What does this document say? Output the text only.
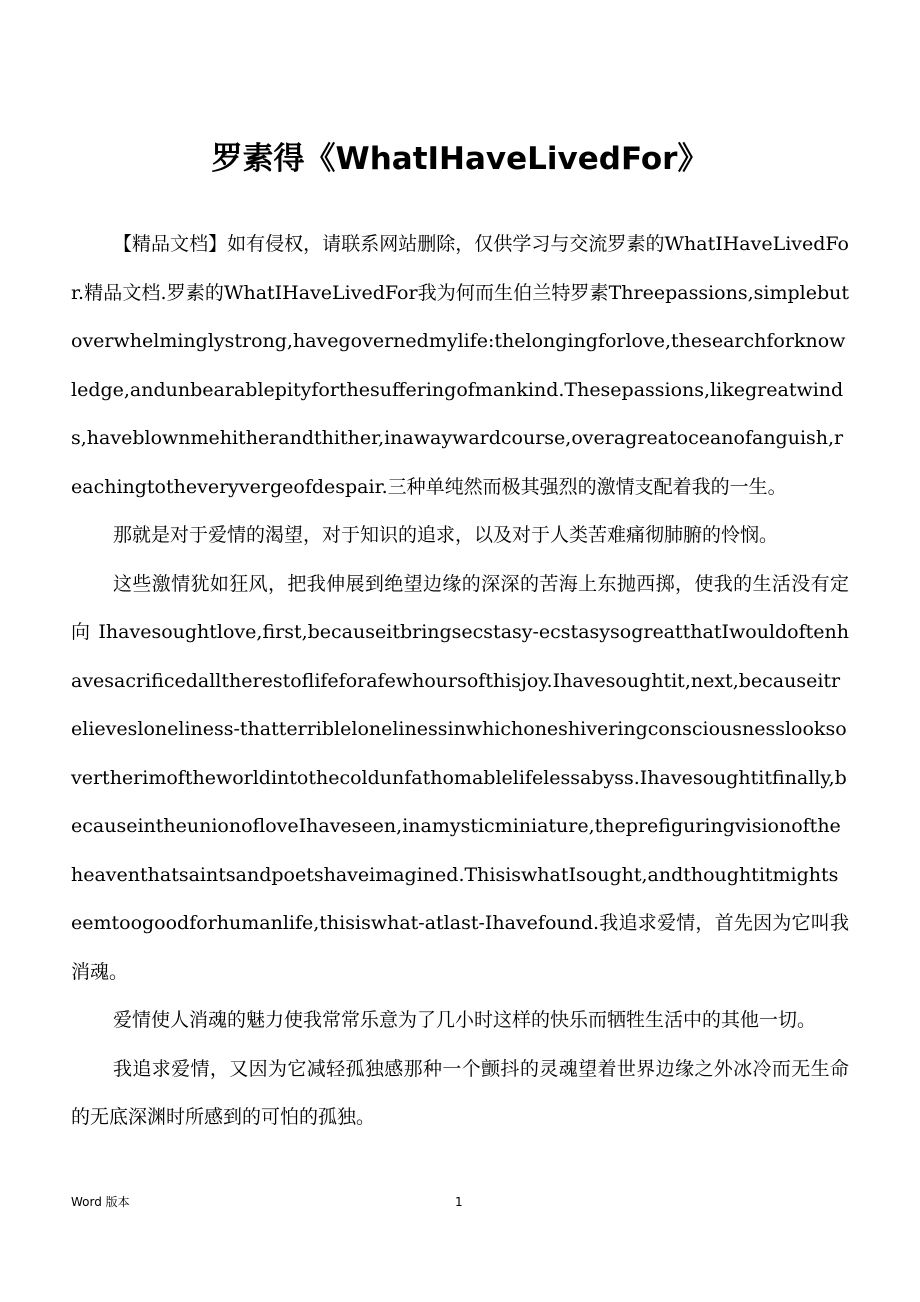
罗素得《WhatIHaveLivedFor》

【精品文档】如有侵权，请联系网站删除，仅供学习与交流罗素的WhatIHaveLivedFor.精品文档.罗素的WhatIHaveLivedFor我为何而生伯兰特罗素Threepassions,simplebutoverwhelminglystrong,havegovernedmylife:thelongingforlove,thesearchforknowledge,andunbearablepityforthesufferingofmankind.Thesepassions,likegreatwinds,haveblownmehitherandthither,inawaywardcourse,overagreatoceanofanguish,reachingtotheveryvergeofdespair.三种单纯然而极其强烈的激情支配着我的一生。

那就是对于爱情的渴望，对于知识的追求，以及对于人类苦难痛彻肺腑的怜悯。

这些激情犹如狂风，把我伸展到绝望边缘的深深的苦海上东抛西掷，使我的生活没有定向Ihavesoughtlove,first,becauseitbringsecstasy-ecstasysogreatthatIwouldoftenhavesacrificedalltherestoflifeforafewhoursofthisjoy.Ihavesoughtit,next,becauseitrelievesloneliness-thatterriblelonelinessinwhichoneshiveringconsciousnesslooksovertherimoftheworldintothecoldunfathomablelifelessabyss.Ihavesoughtitfinally,becauseintheunionofloveIhaveseen,inamysticminiature,theprefiguringvisionoftheheaventhatsaintsandpoetshaveimagined.ThisiswhatIsought,andthoughtitmightseemtoogoodforhumanlife,thisiswhat-atlast-Ihavefound.我追求爱情，首先因为它叫我消魂。

爱情使人消魂的魅力使我常常乐意为了几小时这样的快乐而牺牲生活中的其他一切。

我追求爱情，又因为它减轻孤独感那种一个颤抖的灵魂望着世界边缘之外冰冷而无生命的无底深渊时所感到的可怕的孤独。

Word 版本	1
